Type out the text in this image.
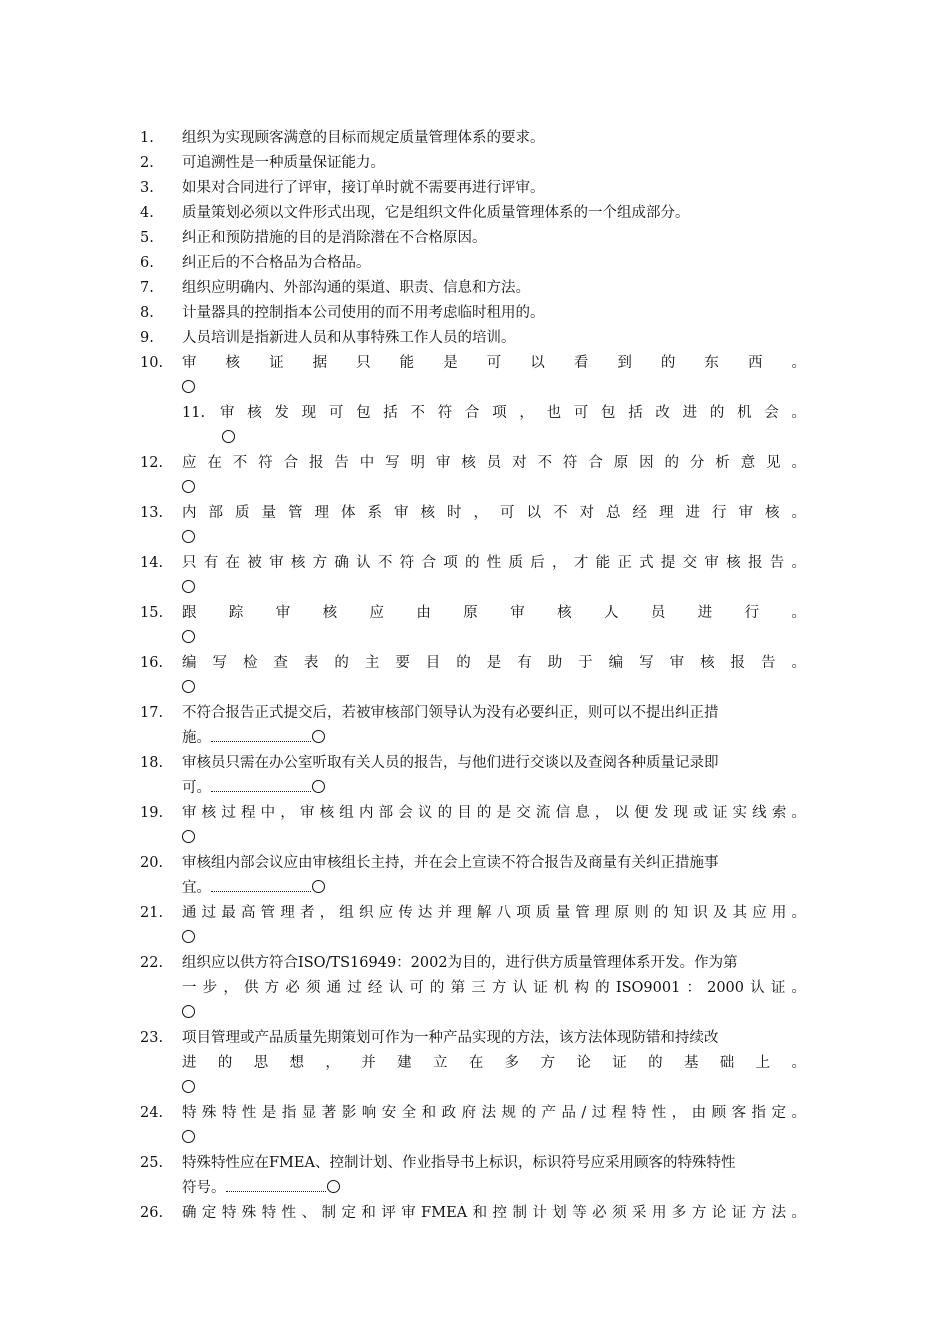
1.	组织为实现顾客满意的目标而规定质量管理体系的要求。
2.	可追溯性是一种质量保证能力。
3.	如果对合同进行了评审，接订单时就不需要再进行评审。
4.	质量策划必须以文件形式出现，它是组织文件化质量管理体系的一个组成部分。
5.	纠正和预防措施的目的是消除潜在不合格原因。
6.	纠正后的不合格品为合格品。
7.	组织应明确内、外部沟通的渠道、职责、信息和方法。
8.	计量器具的控制指本公司使用的而不用考虑临时租用的。
9.	人员培训是指新进人员和从事特殊工作人员的培训。
10.	审核证据只能是可以看到的东西。
11.	审核发现可包括不符合项，也可包括改进的机会。
12.	应在不符合报告中写明审核员对不符合原因的分析意见。
13.	内部质量管理体系审核时，可以不对总经理进行审核。
14.	只有在被审核方确认不符合项的性质后，才能正式提交审核报告。
15.	跟踪审核应由原审核人员进行。
16.	编写检查表的主要目的是有助于编写审核报告。
17.	不符合报告正式提交后，若被审核部门领导认为没有必要纠正，则可以不提出纠正措
施。
18.	审核员只需在办公室听取有关人员的报告，与他们进行交谈以及查阅各种质量记录即
可。
19.	审核过程中，审核组内部会议的目的是交流信息，以便发现或证实线索。
20.	审核组内部会议应由审核组长主持，并在会上宣读不符合报告及商量有关纠正措施事
宜。
21.	通过最高管理者，组织应传达并理解八项质量管理原则的知识及其应用。
22.	组织应以供方符合ISO/TS16949：2002为目的，进行供方质量管理体系开发。作为第
一步，供方必须通过经认可的第三方认证机构的ISO9001：2000认证。
23.	项目管理或产品质量先期策划可作为一种产品实现的方法，该方法体现防错和持续改
进的思想，并建立在多方论证的基础上。
24.	特殊特性是指显著影响安全和政府法规的产品/过程特性，由顾客指定。
25.	特殊特性应在FMEA、控制计划、作业指导书上标识，标识符号应采用顾客的特殊特性
符号。
26.	确定特殊特性、制定和评审FMEA和控制计划等必须采用多方论证方法。
